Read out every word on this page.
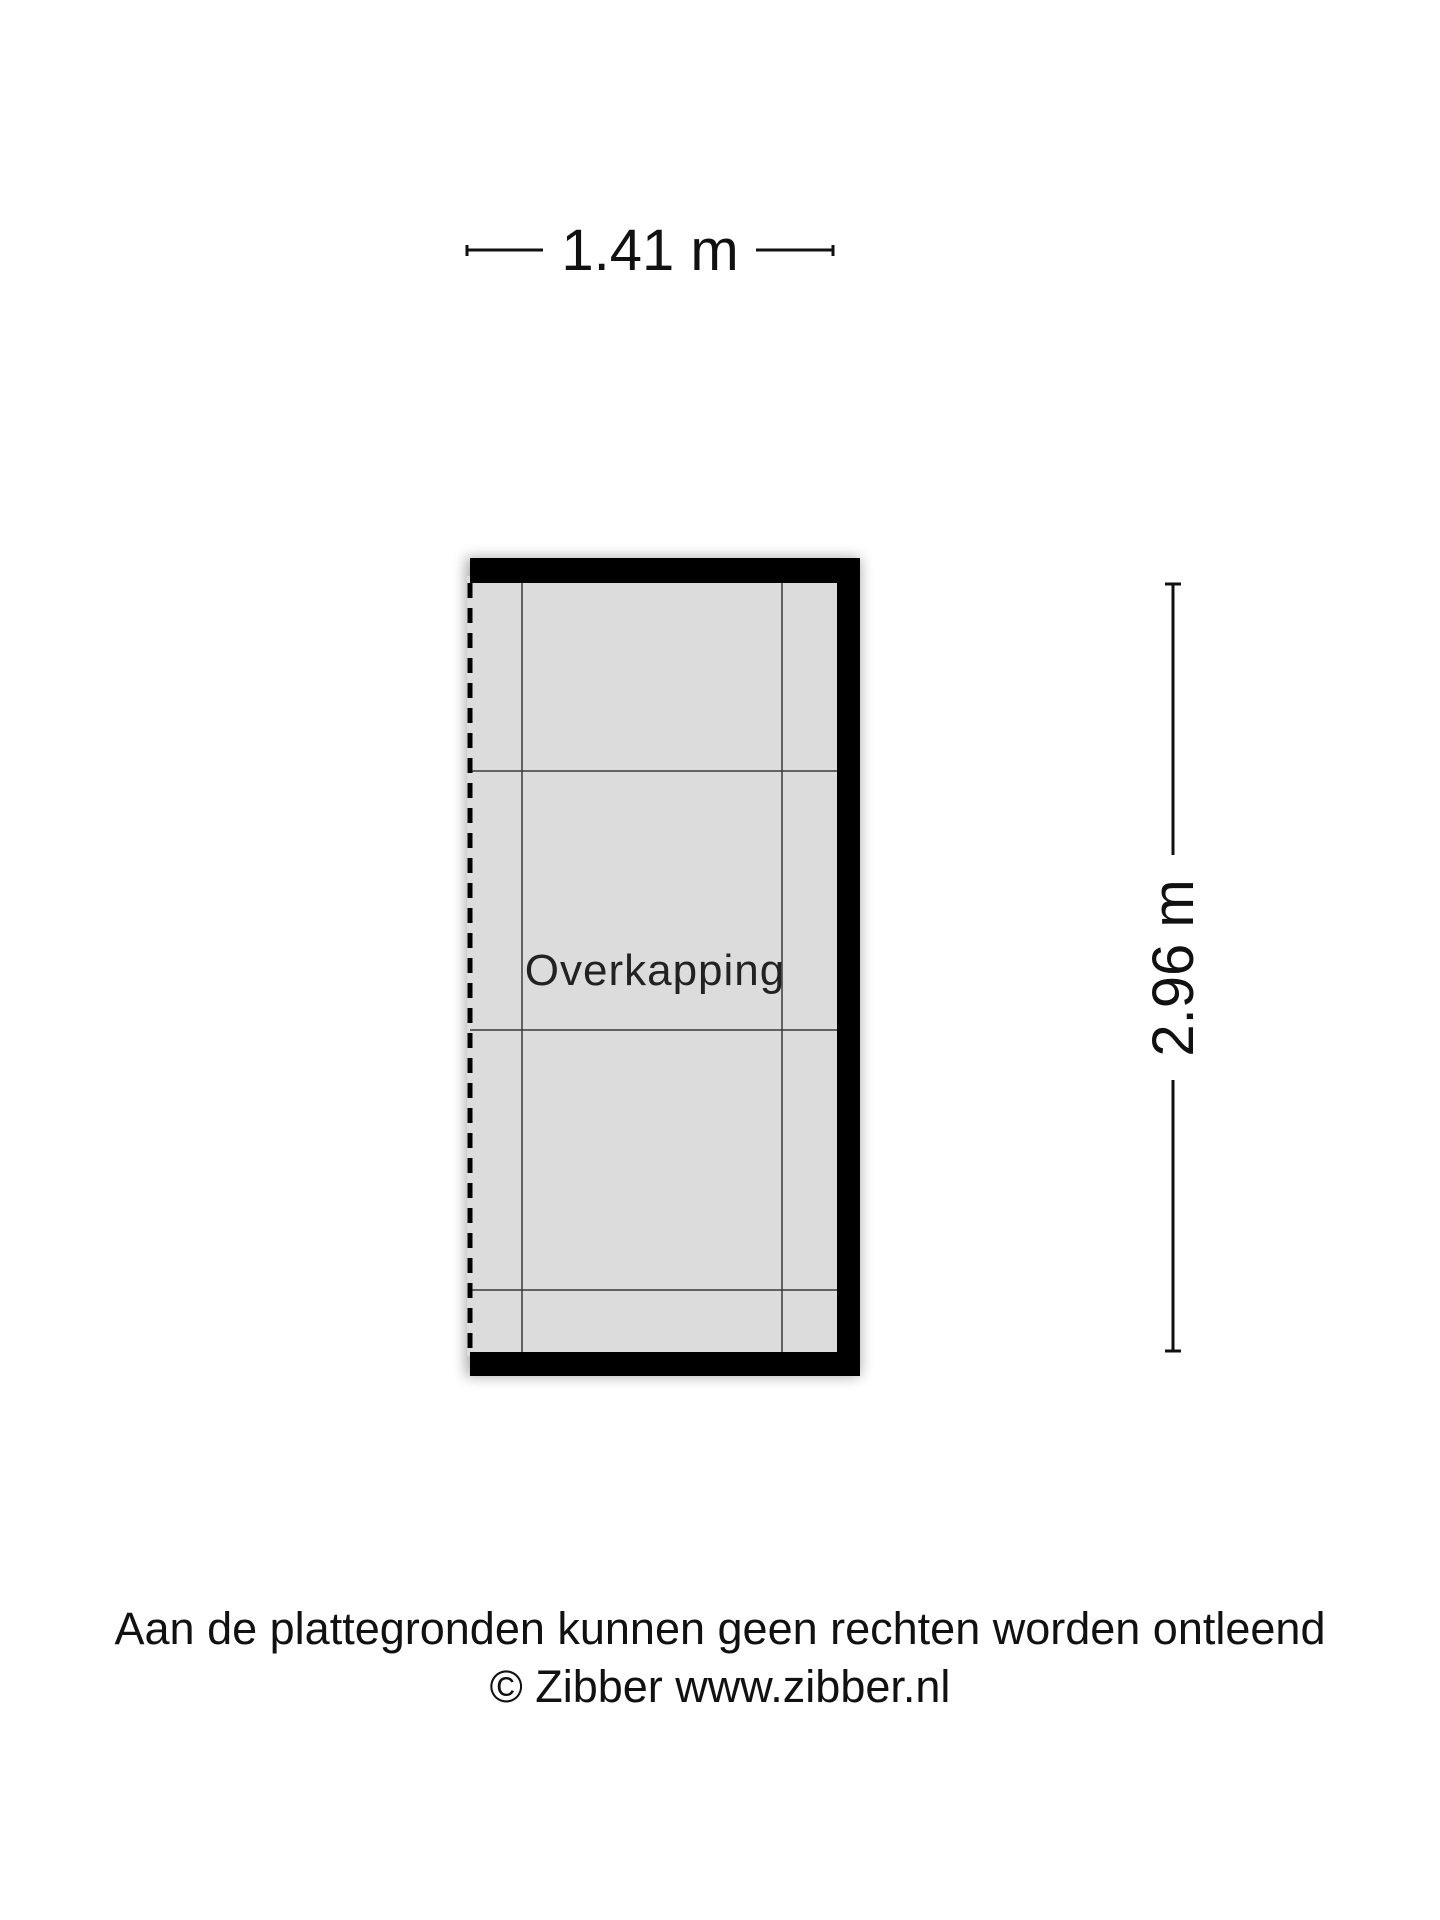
1.41 m
Overkapping	2.96 m
Aan de plattegronden kunnen geen rechten worden ontleend
© Zibber www.zibber.nl
